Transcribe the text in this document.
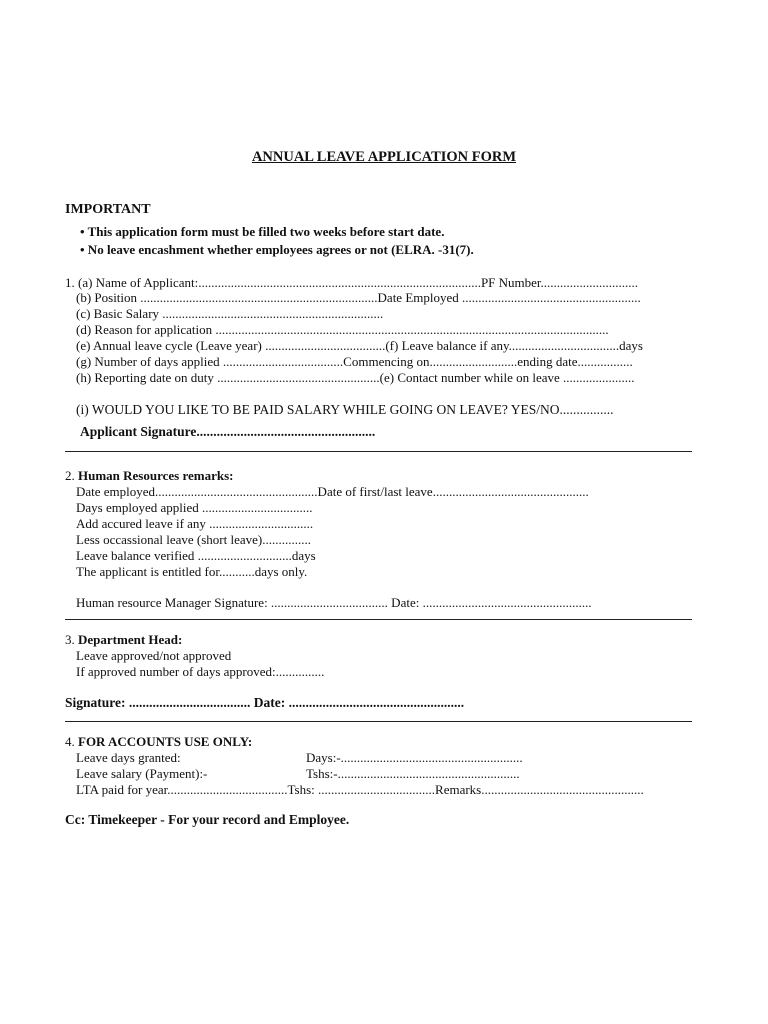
ANNUAL LEAVE APPLICATION FORM
IMPORTANT
• This application form must be filled two weeks before start date.
• No leave encashment whether employees agrees or not (ELRA. -31(7).
1. (a) Name of Applicant:.......................................................................................PF Number..............................
(b) Position .........................................................................Date Employed .......................................................
(c) Basic Salary ....................................................................
(d) Reason for application .........................................................................................................................
(e) Annual leave cycle (Leave year) .....................................(f) Leave balance if any..................................days
(g) Number of days applied .....................................Commencing on...........................ending date.................
(h) Reporting date on duty ..................................................(e) Contact number while on leave ......................
(i) WOULD YOU LIKE TO BE PAID SALARY WHILE GOING ON LEAVE? YES/NO................
Applicant Signature.....................................................
2. Human Resources remarks:
Date employed..................................................Date of first/last leave................................................
Days employed applied ..................................
Add accured leave if any ................................
Less occassional leave (short leave)...............
Leave balance verified .............................days
The applicant is entitled for...........days only.
Human resource Manager Signature: .................................... Date: ....................................................
3. Department Head:
Leave approved/not approved
If approved number of days approved:...............
Signature: .................................... Date: ....................................................
4. FOR ACCOUNTS USE ONLY:
Leave days granted:	Days:-........................................................
Leave salary (Payment):-	Tshs:-........................................................
LTA paid for year.....................................Tshs: ....................................Remarks..................................................
Cc: Timekeeper - For your record and Employee.
